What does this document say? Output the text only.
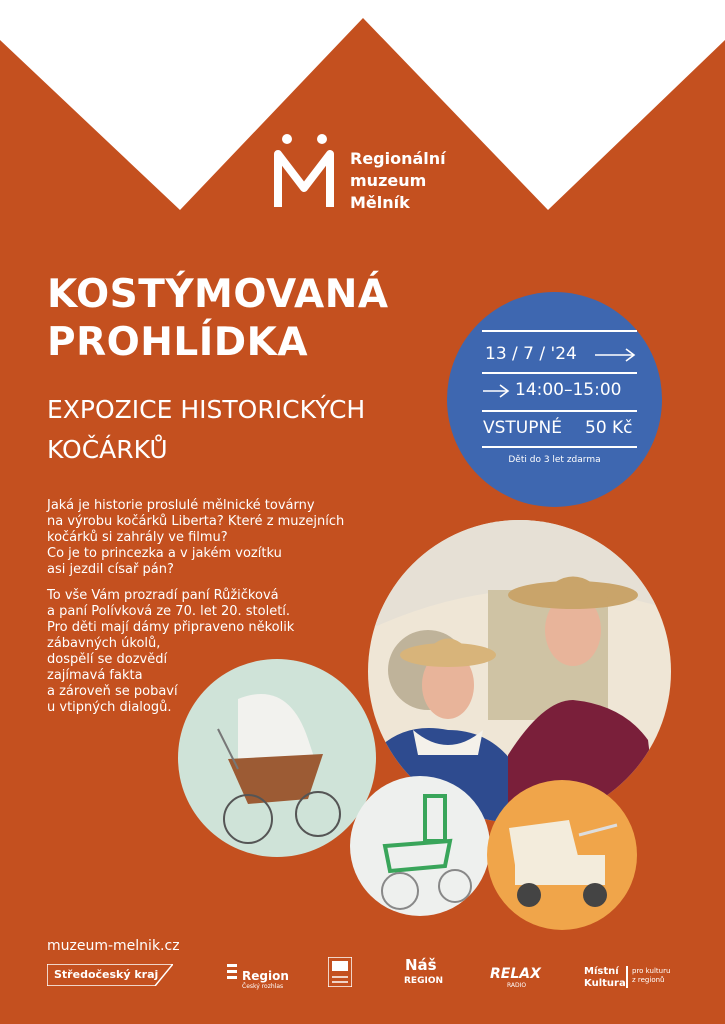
Regionální
muzeum
Mělník
KOSTÝMOVANÁ
PROHLÍDKA
EXPOZICE HISTORICKÝCH
KOČÁRKŮ
13 / 7 / '24
14:00–15:00
VSTUPNÉ 50 Kč
Děti do 3 let zdarma

Jaká je historie proslulé mělnické továrny
na výrobu kočárků Liberta? Které z muzejních
kočárků si zahrály ve filmu?
Co je to princezka a v jakém vozítku
asi jezdil císař pán?

To vše Vám prozradí paní Růžičková
a paní Polívková ze 70. let 20. století.
Pro děti mají dámy připraveno několik
zábavných úkolů,
dospělí se dozvědí
zajímavá fakta
a zároveň se pobaví
u vtipných dialogů.

muzeum-melnik.cz
Středočeský kraj	Region
Český rozhlas
Náš
REGION	RELAX
RADIO
Místní
Kultura
pro kulturu
z regionů
